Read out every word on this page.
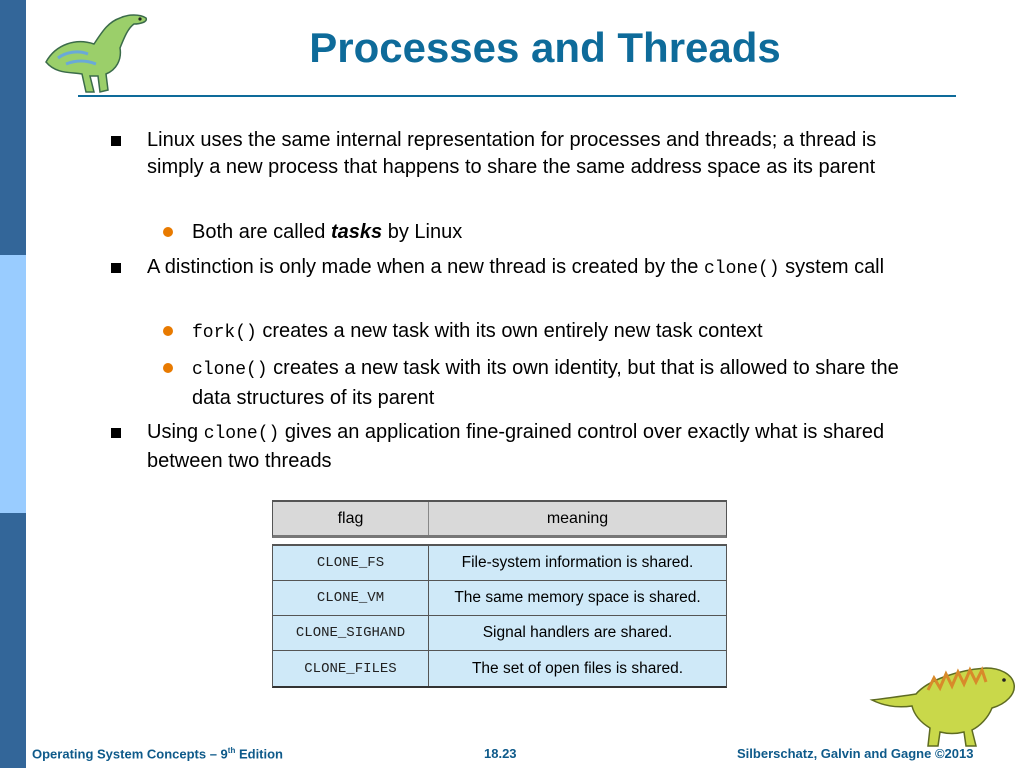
Processes and Threads
Linux uses the same internal representation for processes and threads; a thread is simply a new process that happens to share the same address space as its parent
Both are called tasks by Linux
A distinction is only made when a new thread is created by the clone() system call
fork() creates a new task with its own entirely new task context
clone() creates a new task with its own identity, but that is allowed to share the data structures of its parent
Using clone() gives an application fine-grained control over exactly what is shared between two threads
flag	meaning
CLONE_FS	File-system information is shared.
CLONE_VM	The same memory space is shared.
CLONE_SIGHAND	Signal handlers are shared.
CLONE_FILES	The set of open files is shared.
Operating System Concepts – 9th Edition	18.23	Silberschatz, Galvin and Gagne ©2013
